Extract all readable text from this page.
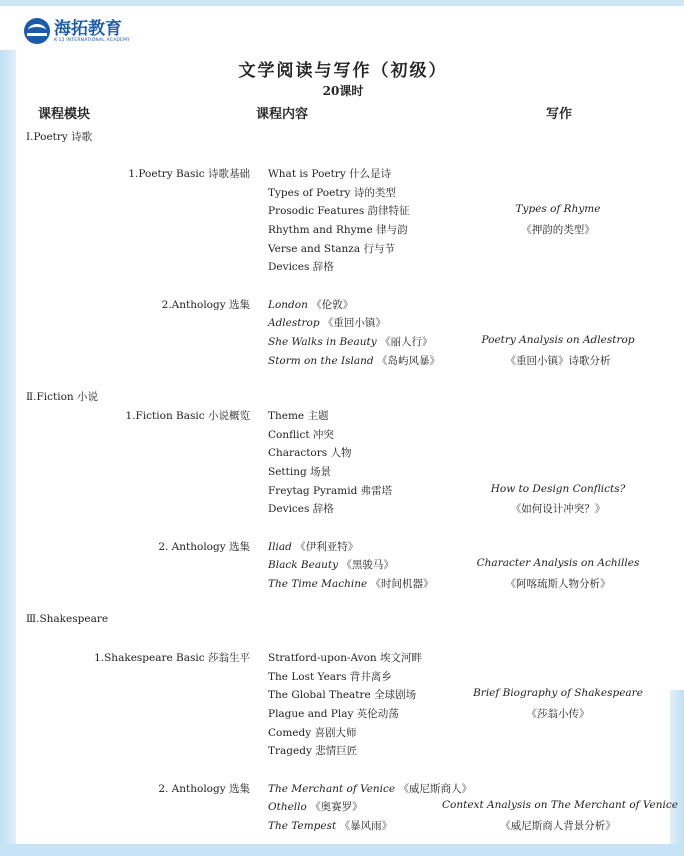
海拓教育
K-12 INTERNATIONAL ACADEMY
文学阅读与写作（初级）
20课时
课程模块	课程内容	写作
Ⅰ.Poetry 诗歌
1.Poetry Basic 诗歌基础 What is Poetry 什么是诗
Types of Poetry 诗的类型
Prosodic Features 韵律特征
Rhythm and Rhyme 律与韵
Verse and Stanza 行与节
Devices 辞格
Types of Rhyme
《押韵的类型》
2.Anthology 选集 London 《伦敦》
Adlestrop 《重回小镇》
She Walks in Beauty 《丽人行》
Storm on the Island 《岛屿风暴》
Poetry Analysis on Adlestrop
《重回小镇》诗歌分析
Ⅱ.Fiction 小说
1.Fiction Basic 小说概览 Theme 主题
Conflict 冲突
Charactors 人物
Setting 场景
Freytag Pyramid 弗雷塔
Devices 辞格
How to Design Conflicts?
《如何设计冲突？》
2. Anthology 选集 Iliad 《伊利亚特》
Black Beauty 《黑骏马》
The Time Machine 《时间机器》
Character Analysis on Achilles
《阿喀琉斯人物分析》
Ⅲ.Shakespeare
1.Shakespeare Basic 莎翁生平 Stratford-upon-Avon 埃文河畔
The Lost Years 背井离乡
The Global Theatre 全球剧场
Plague and Play 英伦动荡
Comedy 喜剧大师
Tragedy 悲情巨匠
Brief Biography of Shakespeare
《莎翁小传》
2. Anthology 选集 The Merchant of Venice 《威尼斯商人》
Othello 《奥赛罗》
The Tempest 《暴风雨》
Context Analysis on The Merchant of Venice
《威尼斯商人背景分析》
